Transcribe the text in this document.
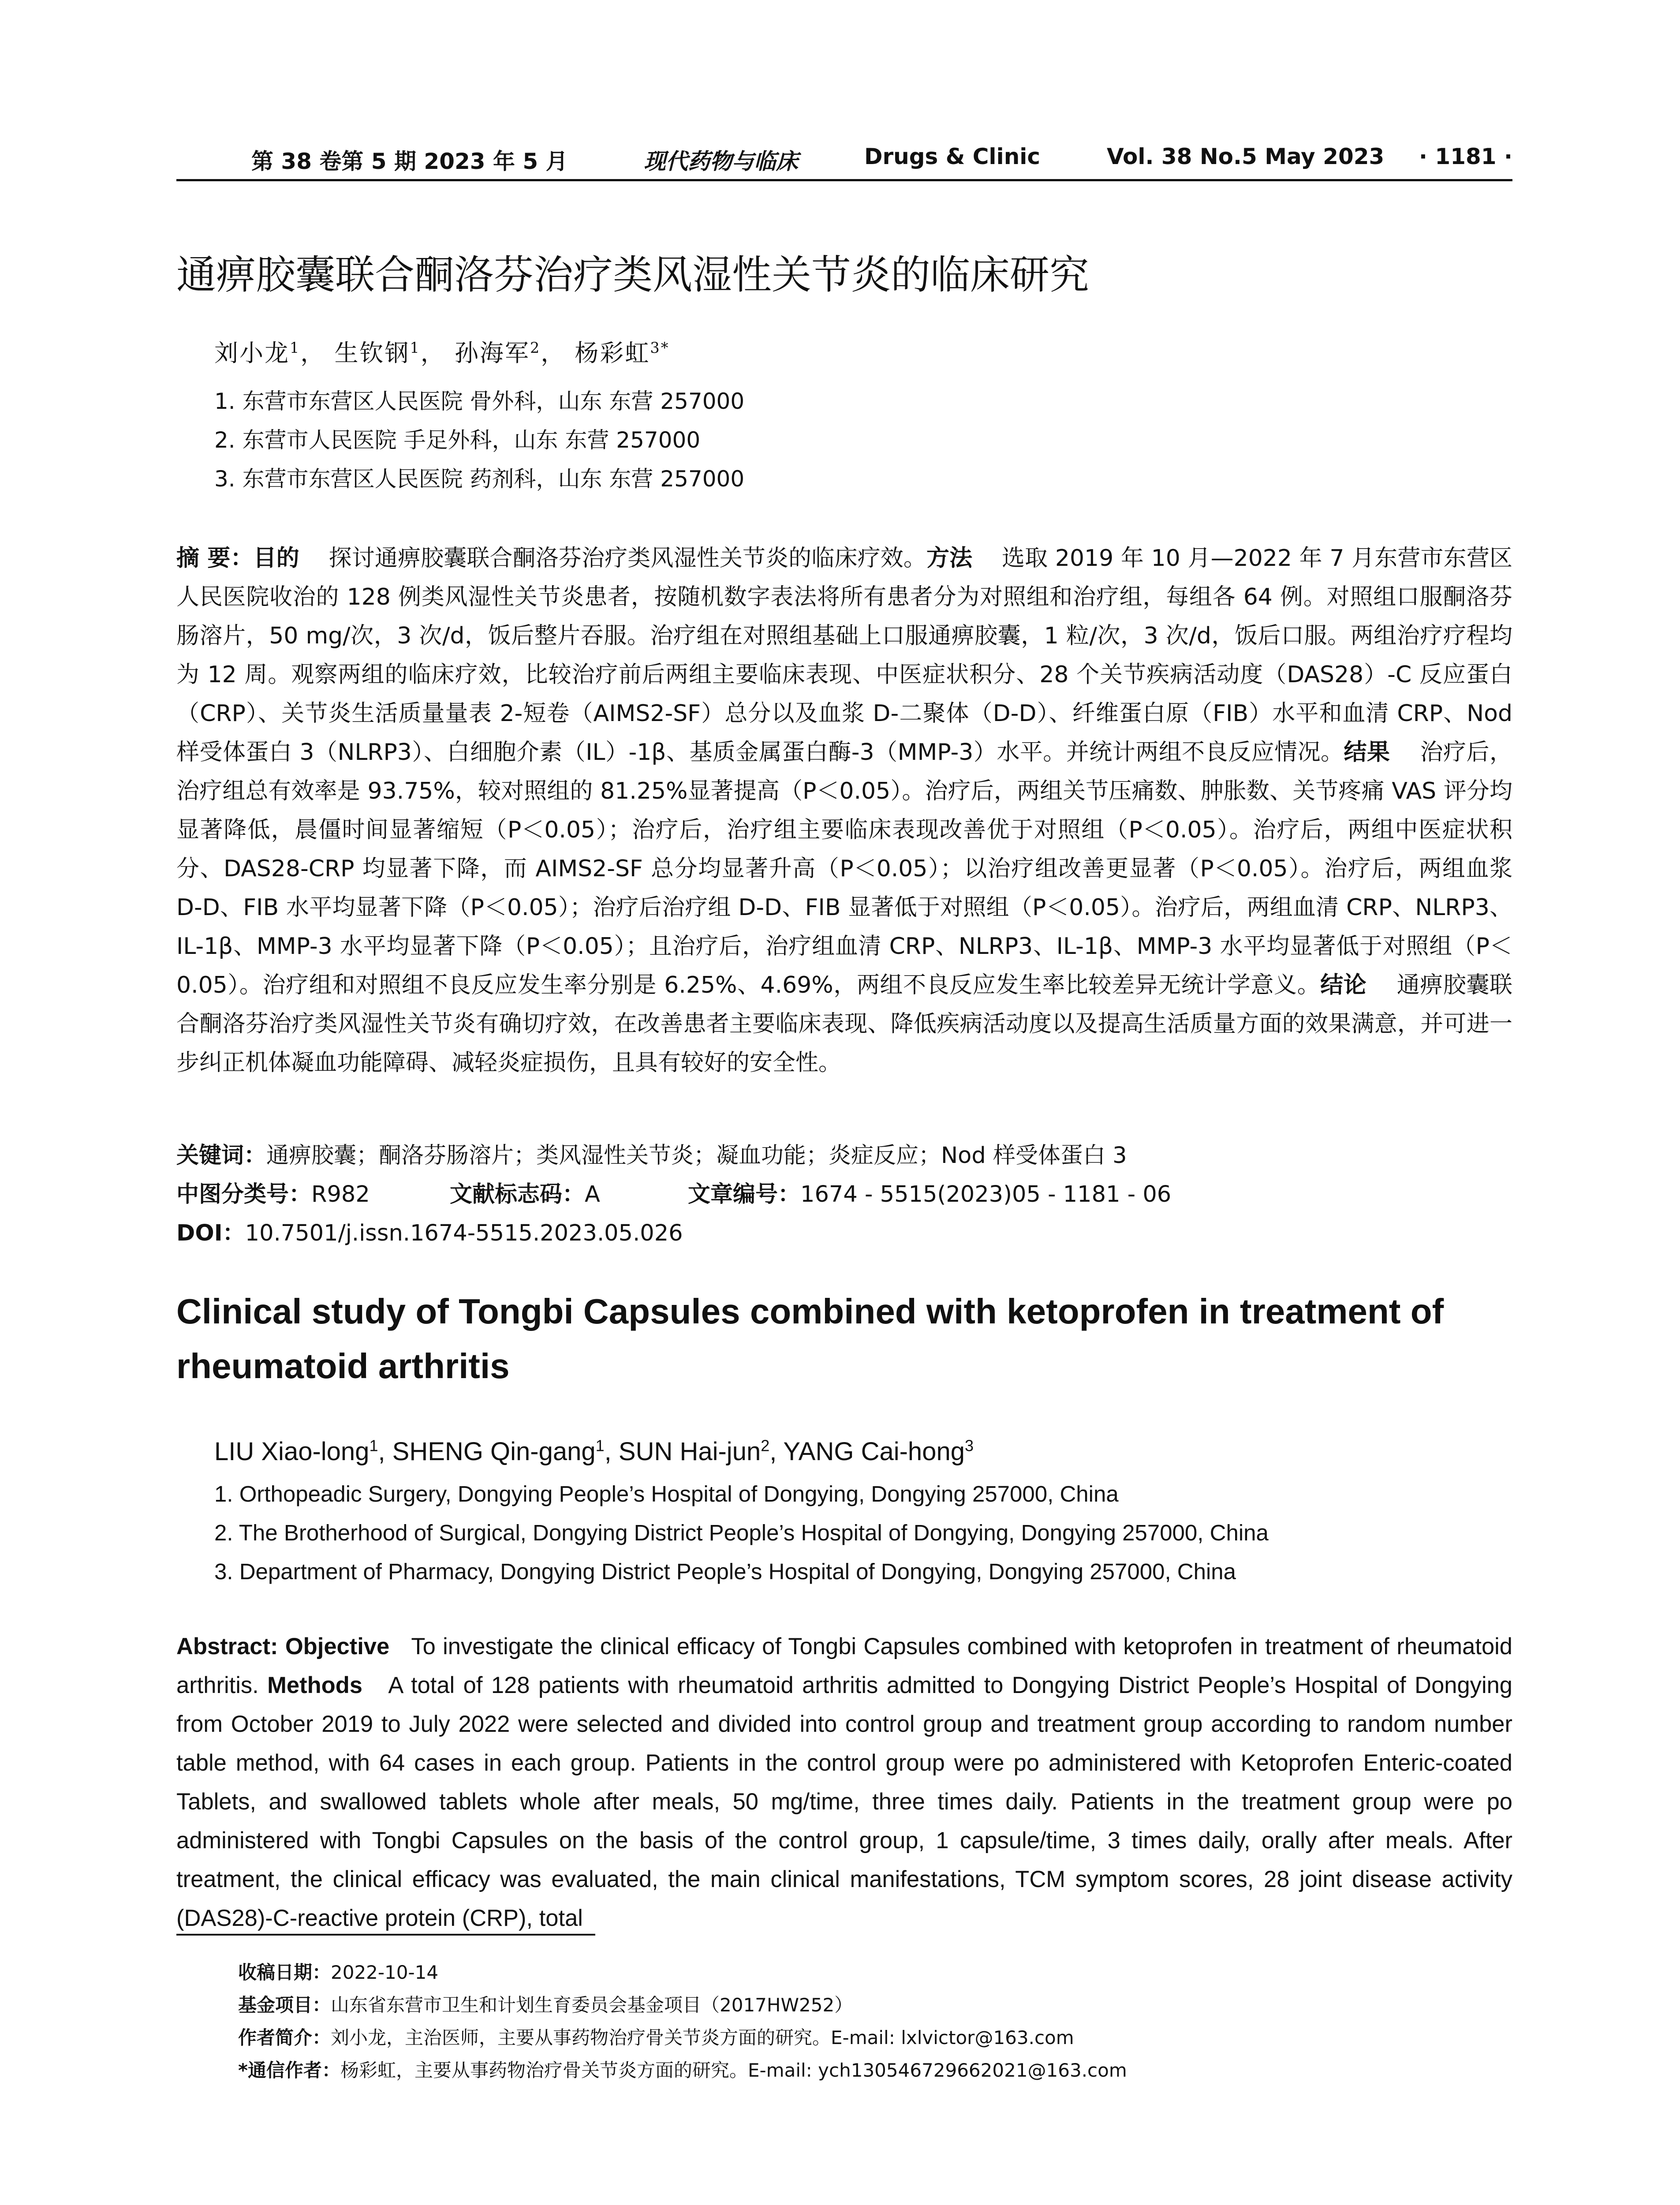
第 38 卷第 5 期 2023 年 5 月	现代药物与临床	Drugs & Clinic	Vol. 38 No.5 May 2023 · 1181 ·
通痹胶囊联合酮洛芬治疗类风湿性关节炎的临床研究
刘小龙$^1$， 生钦钢$^1$， 孙海军$^2$， 杨彩虹$^{3*}$
1. 东营市东营区人民医院 骨外科，山东 东营 257000
2. 东营市人民医院 手足外科，山东 东营 257000
3. 东营市东营区人民医院 药剂科，山东 东营 257000
摘 要：目的 探讨通痹胶囊联合酮洛芬治疗类风湿性关节炎的临床疗效。方法 选取 2019 年 10 月—2022 年 7 月东营市东营区人民医院收治的 128 例类风湿性关节炎患者，按随机数字表法将所有患者分为对照组和治疗组，每组各 64 例。对照组口服酮洛芬肠溶片，50 mg/次，3 次/d，饭后整片吞服。治疗组在对照组基础上口服通痹胶囊，1 粒/次，3 次/d，饭后口服。两组治疗疗程均为 12 周。观察两组的临床疗效，比较治疗前后两组主要临床表现、中医症状积分、28 个关节疾病活动度（DAS28）-C 反应蛋白（CRP）、关节炎生活质量量表 2-短卷（AIMS2-SF）总分以及血浆 D-二聚体（D-D）、纤维蛋白原（FIB）水平和血清 CRP、Nod 样受体蛋白 3（NLRP3）、白细胞介素（IL）-1β、基质金属蛋白酶-3（MMP-3）水平。并统计两组不良反应情况。结果 治疗后，治疗组总有效率是 93.75%，较对照组的 81.25%显著提高（P＜0.05）。治疗后，两组关节压痛数、肿胀数、关节疼痛 VAS 评分均显著降低，晨僵时间显著缩短（P＜0.05）；治疗后，治疗组主要临床表现改善优于对照组（P＜0.05）。治疗后，两组中医症状积分、DAS28-CRP 均显著下降，而 AIMS2-SF 总分均显著升高（P＜0.05）；以治疗组改善更显著（P＜0.05）。治疗后，两组血浆 D-D、FIB 水平均显著下降（P＜0.05）；治疗后治疗组 D-D、FIB 显著低于对照组（P＜0.05）。治疗后，两组血清 CRP、NLRP3、IL-1β、MMP-3 水平均显著下降（P＜0.05）；且治疗后，治疗组血清 CRP、NLRP3、IL-1β、MMP-3 水平均显著低于对照组（P＜0.05）。治疗组和对照组不良反应发生率分别是 6.25%、4.69%，两组不良反应发生率比较差异无统计学意义。结论 通痹胶囊联合酮洛芬治疗类风湿性关节炎有确切疗效，在改善患者主要临床表现、降低疾病活动度以及提高生活质量方面的效果满意，并可进一步纠正机体凝血功能障碍、减轻炎症损伤，且具有较好的安全性。
关键词：通痹胶囊；酮洛芬肠溶片；类风湿性关节炎；凝血功能；炎症反应；Nod 样受体蛋白 3
中图分类号：R982	文献标志码：A	文章编号：1674 - 5515(2023)05 - 1181 - 06
DOI：10.7501/j.issn.1674-5515.2023.05.026
Clinical study of Tongbi Capsules combined with ketoprofen in treatment of rheumatoid arthritis
LIU Xiao-long$^1$, SHENG Qin-gang$^1$, SUN Hai-jun$^2$, YANG Cai-hong$^3$
1. Orthopeadic Surgery, Dongying People’s Hospital of Dongying, Dongying 257000, China
2. The Brotherhood of Surgical, Dongying District People’s Hospital of Dongying, Dongying 257000, China
3. Department of Pharmacy, Dongying District People’s Hospital of Dongying, Dongying 257000, China
Abstract: Objective To investigate the clinical efficacy of Tongbi Capsules combined with ketoprofen in treatment of rheumatoid arthritis. Methods A total of 128 patients with rheumatoid arthritis admitted to Dongying District People’s Hospital of Dongying from October 2019 to July 2022 were selected and divided into control group and treatment group according to random number table method, with 64 cases in each group. Patients in the control group were po administered with Ketoprofen Enteric-coated Tablets, and swallowed tablets whole after meals, 50 mg/time, three times daily. Patients in the treatment group were po administered with Tongbi Capsules on the basis of the control group, 1 capsule/time, 3 times daily, orally after meals. After treatment, the clinical efficacy was evaluated, the main clinical manifestations, TCM symptom scores, 28 joint disease activity (DAS28)-C-reactive protein (CRP), total
收稿日期：2022-10-14
基金项目：山东省东营市卫生和计划生育委员会基金项目（2017HW252）
作者简介：刘小龙，主治医师，主要从事药物治疗骨关节炎方面的研究。E-mail: lxlvictor@163.com
*通信作者：杨彩虹，主要从事药物治疗骨关节炎方面的研究。E-mail: ych130546729662021@163.com
